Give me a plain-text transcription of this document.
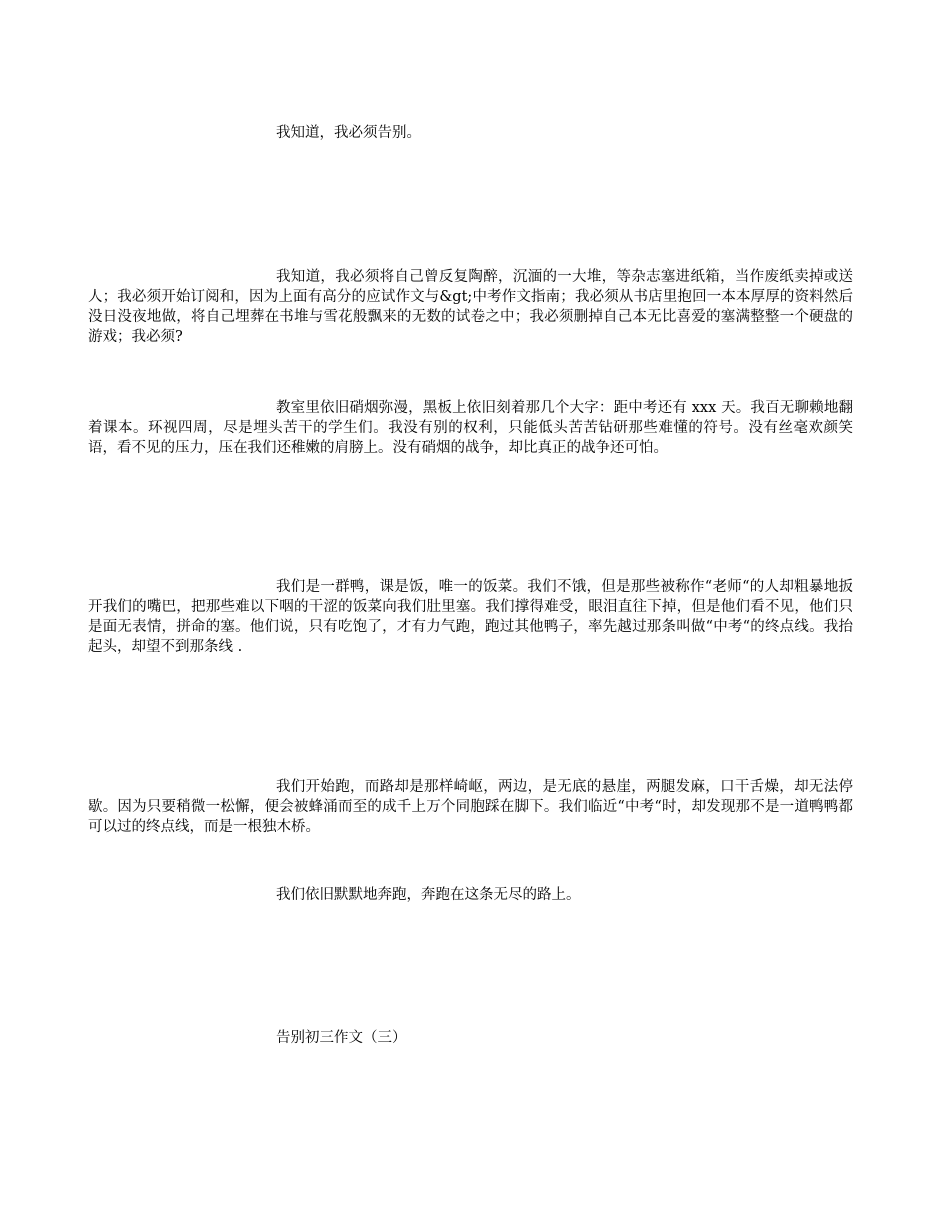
我知道，我必须告别。

我知道，我必须将自己曾反复陶醉，沉湎的一大堆，等杂志塞进纸箱，当作废纸卖掉或送人；我必须开始订阅和，因为上面有高分的应试作文与&gt;中考作文指南；我必须从书店里抱回一本本厚厚的资料然后没日没夜地做，将自己埋葬在书堆与雪花般飘来的无数的试卷之中；我必须删掉自己本无比喜爱的塞满整整一个硬盘的游戏；我必须?

教室里依旧硝烟弥漫，黑板上依旧刻着那几个大字：距中考还有 xxx 天。我百无聊赖地翻着课本。环视四周，尽是埋头苦干的学生们。我没有别的权利，只能低头苦苦钻研那些难懂的符号。没有丝毫欢颜笑语，看不见的压力，压在我们还稚嫩的肩膀上。没有硝烟的战争，却比真正的战争还可怕。

我们是一群鸭，课是饭，唯一的饭菜。我们不饿，但是那些被称作“老师“的人却粗暴地扳开我们的嘴巴，把那些难以下咽的干涩的饭菜向我们肚里塞。我们撑得难受，眼泪直往下掉，但是他们看不见，他们只是面无表情，拼命的塞。他们说，只有吃饱了，才有力气跑，跑过其他鸭子，率先越过那条叫做“中考“的终点线。我抬起头，却望不到那条线 .

我们开始跑，而路却是那样崎岖，两边，是无底的悬崖，两腿发麻，口干舌燥，却无法停歇。因为只要稍微一松懈，便会被蜂涌而至的成千上万个同胞踩在脚下。我们临近“中考“时，却发现那不是一道鸭鸭都可以过的终点线，而是一根独木桥。

我们依旧默默地奔跑，奔跑在这条无尽的路上。

告别初三作文（三）
